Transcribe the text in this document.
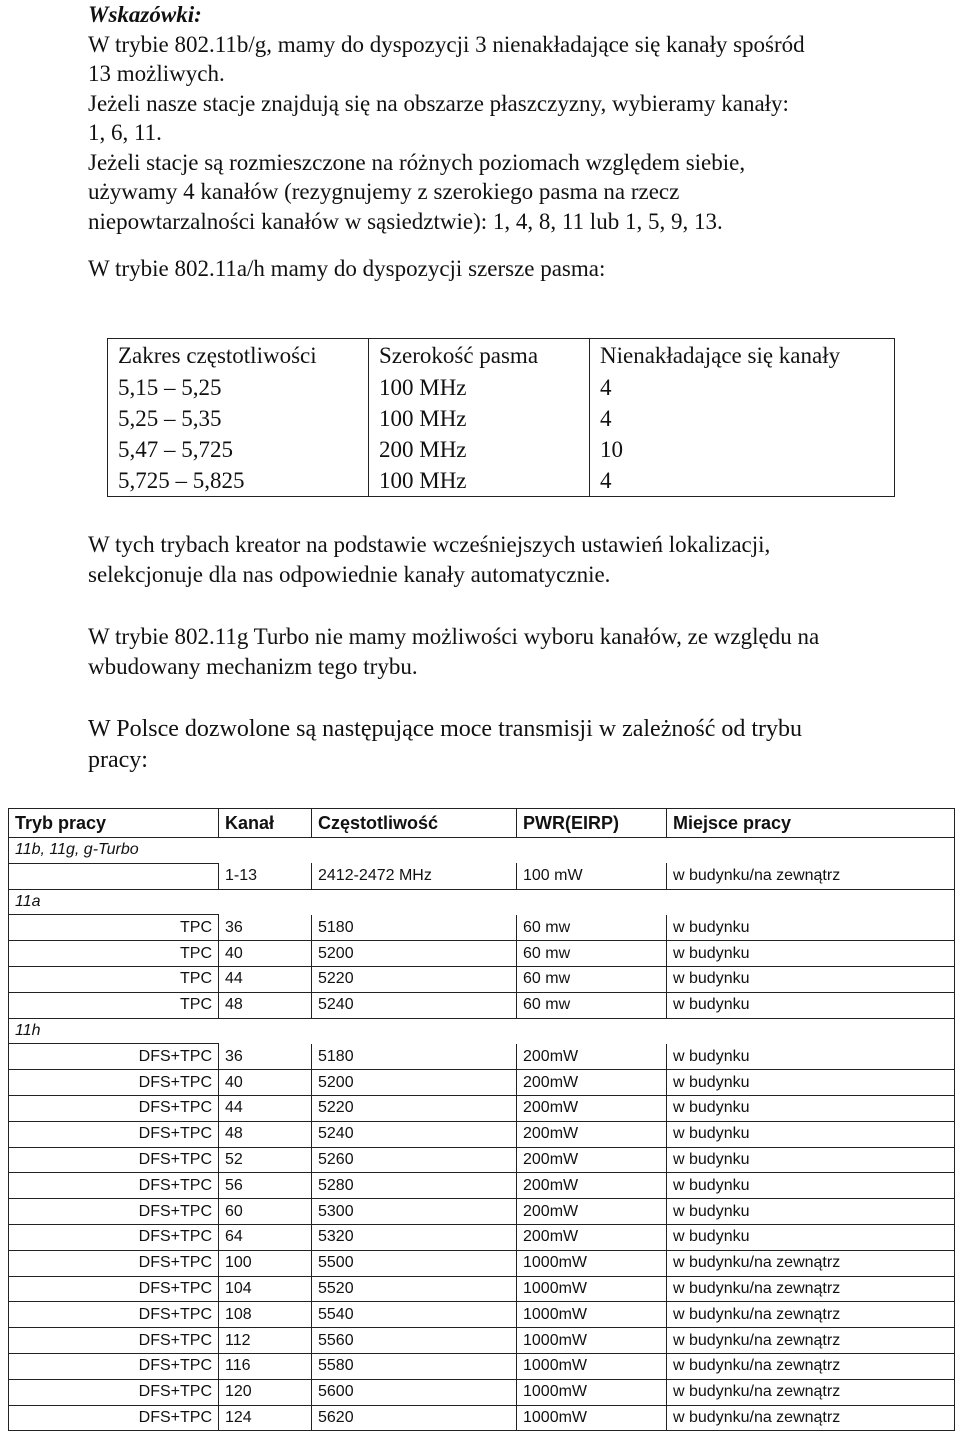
Wskazówki:

W trybie 802.11b/g, mamy do dyspozycji 3 nienakładające się kanały spośród

13 możliwych.

Jeżeli nasze stacje znajdują się na obszarze płaszczyzny, wybieramy kanały:

1, 6, 11.

Jeżeli stacje są rozmieszczone na różnych poziomach względem siebie,

używamy 4 kanałów (rezygnujemy z szerokiego pasma na rzecz

niepowtarzalności kanałów w sąsiedztwie): 1, 4, 8, 11 lub 1, 5, 9, 13.

W trybie 802.11a/h mamy do dyspozycji szersze pasma:

Zakres częstotliwości	Szerokość pasma	Nienakładające się kanały
5,15 – 5,25	100 MHz	4
5,25 – 5,35	100 MHz	4
5,47 – 5,725	200 MHz	10
5,725 – 5,825	100 MHz	4

W tych trybach kreator na podstawie wcześniejszych ustawień lokalizacji,

selekcjonuje dla nas odpowiednie kanały automatycznie.

W trybie 802.11g Turbo nie mamy możliwości wyboru kanałów, ze względu na

wbudowany mechanizm tego trybu.

W Polsce dozwolone są następujące moce transmisji w zależność od trybu

pracy:

Tryb pracy	Kanał	Częstotliwość	PWR(EIRP)	Miejsce pracy
11b, 11g, g-Turbo				
	1-13	2412-2472 MHz	100 mW	w budynku/na zewnątrz
11a				
TPC	36	5180	60 mw	w budynku
TPC	40	5200	60 mw	w budynku
TPC	44	5220	60 mw	w budynku
TPC	48	5240	60 mw	w budynku
11h				
DFS+TPC	36	5180	200mW	w budynku
DFS+TPC	40	5200	200mW	w budynku
DFS+TPC	44	5220	200mW	w budynku
DFS+TPC	48	5240	200mW	w budynku
DFS+TPC	52	5260	200mW	w budynku
DFS+TPC	56	5280	200mW	w budynku
DFS+TPC	60	5300	200mW	w budynku
DFS+TPC	64	5320	200mW	w budynku
DFS+TPC	100	5500	1000mW	w budynku/na zewnątrz
DFS+TPC	104	5520	1000mW	w budynku/na zewnątrz
DFS+TPC	108	5540	1000mW	w budynku/na zewnątrz
DFS+TPC	112	5560	1000mW	w budynku/na zewnątrz
DFS+TPC	116	5580	1000mW	w budynku/na zewnątrz
DFS+TPC	120	5600	1000mW	w budynku/na zewnątrz
DFS+TPC	124	5620	1000mW	w budynku/na zewnątrz
